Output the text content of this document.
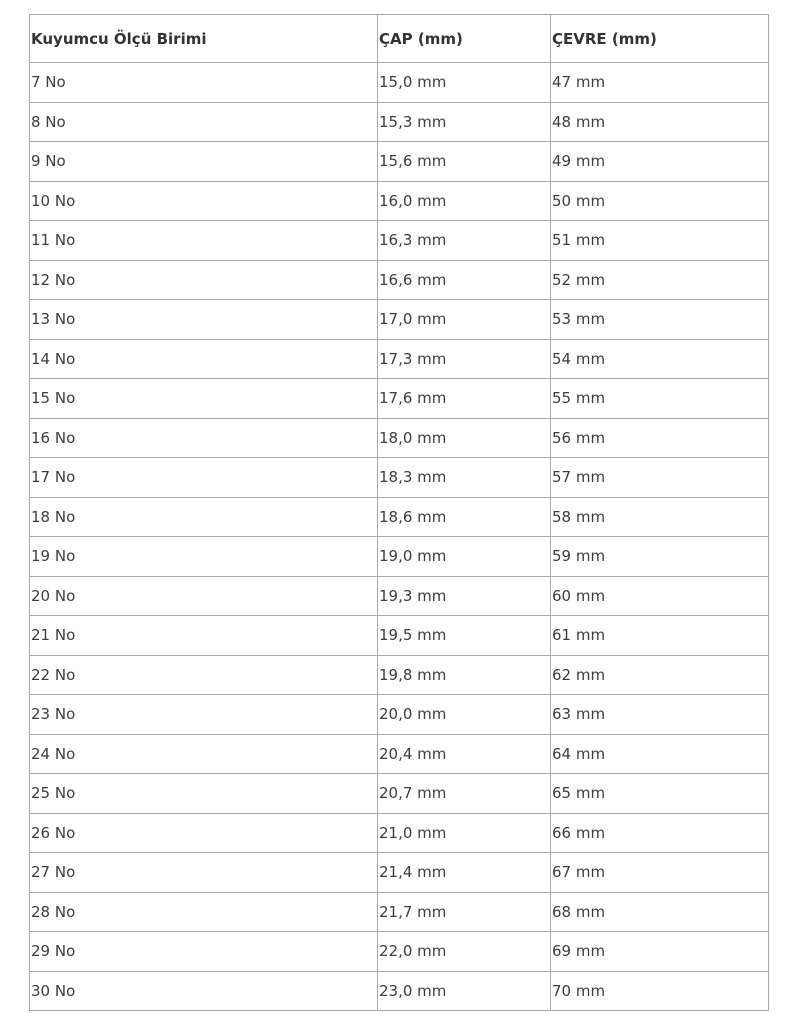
Kuyumcu Ölçü Birimi	ÇAP (mm)	ÇEVRE (mm)
7 No	15,0 mm	47 mm
8 No	15,3 mm	48 mm
9 No	15,6 mm	49 mm
10 No	16,0 mm	50 mm
11 No	16,3 mm	51 mm
12 No	16,6 mm	52 mm
13 No	17,0 mm	53 mm
14 No	17,3 mm	54 mm
15 No	17,6 mm	55 mm
16 No	18,0 mm	56 mm
17 No	18,3 mm	57 mm
18 No	18,6 mm	58 mm
19 No	19,0 mm	59 mm
20 No	19,3 mm	60 mm
21 No	19,5 mm	61 mm
22 No	19,8 mm	62 mm
23 No	20,0 mm	63 mm
24 No	20,4 mm	64 mm
25 No	20,7 mm	65 mm
26 No	21,0 mm	66 mm
27 No	21,4 mm	67 mm
28 No	21,7 mm	68 mm
29 No	22,0 mm	69 mm
30 No	23,0 mm	70 mm
